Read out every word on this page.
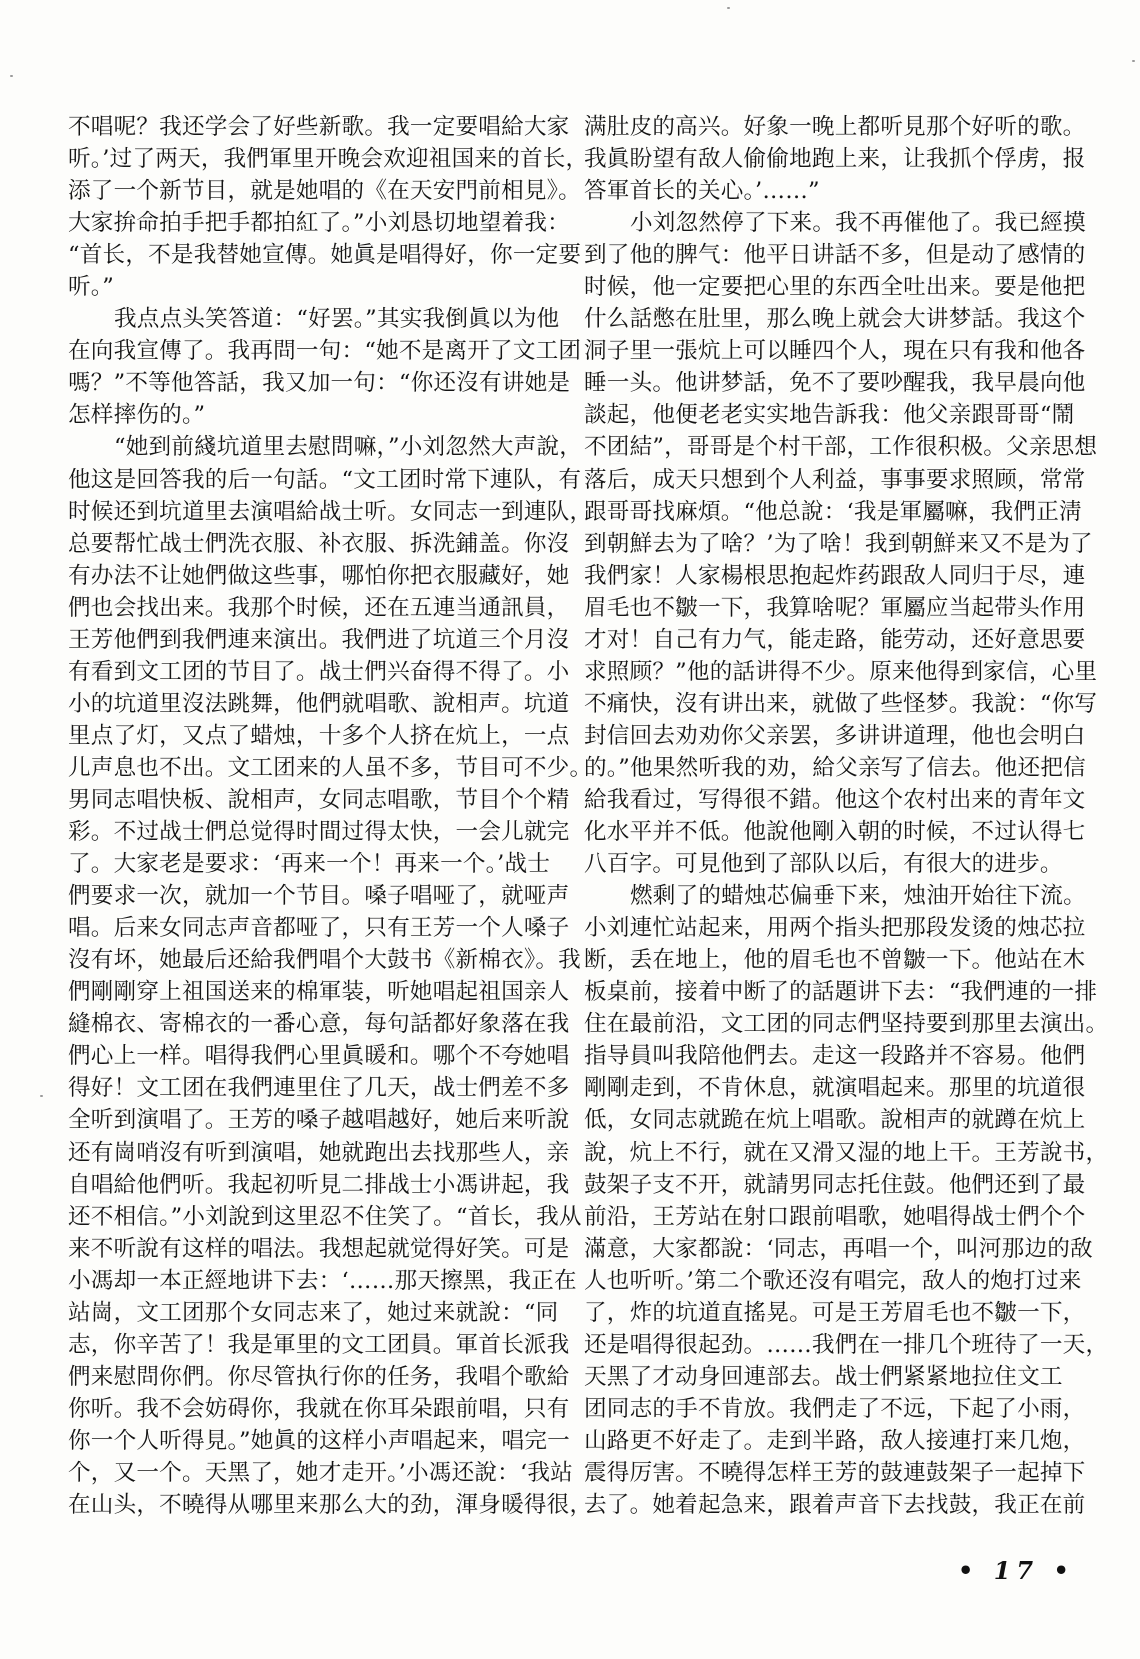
不唱呢？我还学会了好些新歌。我一定要唱給大家
听。’过了两天，我們軍里开晚会欢迎祖国来的首长，
添了一个新节目，就是她唱的《在天安門前相見》。
大家拚命拍手把手都拍紅了。”小刘恳切地望着我：
“首长，不是我替她宣傳。她眞是唱得好，你一定要
听。”
我点点头笑答道：“好罢。”其实我倒眞以为他
在向我宣傳了。我再問一句：“她不是离开了文工团
嗎？”不等他答話，我又加一句：“你还沒有讲她是
怎样摔伤的。”
“她到前綫坑道里去慰問嘛，”小刘忽然大声說，
他这是回答我的后一句話。“文工团时常下連队，有
时候还到坑道里去演唱給战士听。女同志一到連队，
总要帮忙战士們洗衣服、补衣服、拆洗鋪盖。你沒
有办法不让她們做这些事，哪怕你把衣服藏好，她
們也会找出来。我那个时候，还在五連当通訊員，
王芳他們到我們連来演出。我們进了坑道三个月沒
有看到文工团的节目了。战士們兴奋得不得了。小
小的坑道里沒法跳舞，他們就唱歌、說相声。坑道
里点了灯，又点了蜡烛，十多个人挤在炕上，一点
儿声息也不出。文工团来的人虽不多，节目可不少。
男同志唱快板、說相声，女同志唱歌，节目个个精
彩。不过战士們总觉得时間过得太快，一会儿就完
了。大家老是要求：‘再来一个！再来一个。’战士
們要求一次，就加一个节目。嗓子唱哑了，就哑声
唱。后来女同志声音都哑了，只有王芳一个人嗓子
沒有坏，她最后还給我們唱个大鼓书《新棉衣》。我
們剛剛穿上祖国送来的棉軍装，听她唱起祖国亲人
縫棉衣、寄棉衣的一番心意，每句話都好象落在我
們心上一样。唱得我們心里眞暖和。哪个不夸她唱
得好！文工团在我們連里住了几天，战士們差不多
全听到演唱了。王芳的嗓子越唱越好，她后来听說
还有崗哨沒有听到演唱，她就跑出去找那些人，亲
自唱給他們听。我起初听見二排战士小馮讲起，我
还不相信。”小刘說到这里忍不住笑了。“首长，我从
来不听說有这样的唱法。我想起就觉得好笑。可是
小馮却一本正經地讲下去：‘……那天擦黑，我正在
站崗，文工团那个女同志来了，她过来就說：“同
志，你辛苦了！我是軍里的文工团員。軍首长派我
們来慰問你們。你尽管执行你的任务，我唱个歌給
你听。我不会妨碍你，我就在你耳朵跟前唱，只有
你一个人听得見。”她眞的这样小声唱起来，唱完一
个，又一个。天黑了，她才走开。’小馮还說：‘我站
在山头，不曉得从哪里来那么大的劲，渾身暖得很，
满肚皮的高兴。好象一晚上都听見那个好听的歌。
我眞盼望有敌人偷偷地跑上来，让我抓个俘虏，报
答軍首长的关心。’……”
小刘忽然停了下来。我不再催他了。我已經摸
到了他的脾气：他平日讲話不多，但是动了感情的
时候，他一定要把心里的东西全吐出来。要是他把
什么話憋在肚里，那么晚上就会大讲梦話。我这个
洞子里一張炕上可以睡四个人，現在只有我和他各
睡一头。他讲梦話，免不了要吵醒我，我早晨向他
談起，他便老老实实地告訴我：他父亲跟哥哥“鬧
不团結”，哥哥是个村干部，工作很积极。父亲思想
落后，成天只想到个人利益，事事要求照顾，常常
跟哥哥找麻煩。“他总說：‘我是軍屬嘛，我們正淸
到朝鮮去为了啥？’为了啥！我到朝鮮来又不是为了
我們家！人家楊根思抱起炸药跟敌人同归于尽，連
眉毛也不皺一下，我算啥呢？軍屬应当起带头作用
才对！自己有力气，能走路，能劳动，还好意思要
求照顾？”他的話讲得不少。原来他得到家信，心里
不痛快，沒有讲出来，就做了些怪梦。我說：“你写
封信回去劝劝你父亲罢，多讲讲道理，他也会明白
的。”他果然听我的劝，給父亲写了信去。他还把信
給我看过，写得很不錯。他这个农村出来的青年文
化水平并不低。他說他剛入朝的时候，不过认得七
八百字。可見他到了部队以后，有很大的进步。
燃剩了的蜡烛芯偏垂下来，烛油开始往下流。
小刘連忙站起来，用两个指头把那段发烫的烛芯拉
断，丢在地上，他的眉毛也不曾皺一下。他站在木
板桌前，接着中断了的話題讲下去：“我們連的一排
住在最前沿，文工团的同志們坚持要到那里去演出。
指导員叫我陪他們去。走这一段路并不容易。他們
剛剛走到，不肯休息，就演唱起来。那里的坑道很
低，女同志就跪在炕上唱歌。說相声的就蹲在炕上
說，炕上不行，就在又滑又湿的地上干。王芳說书，
鼓架子支不开，就請男同志托住鼓。他們还到了最
前沿，王芳站在射口跟前唱歌，她唱得战士們个个
滿意，大家都說：‘同志，再唱一个，叫河那边的敌
人也听听。’第二个歌还沒有唱完，敌人的炮打过来
了，炸的坑道直搖晃。可是王芳眉毛也不皺一下，
还是唱得很起劲。……我們在一排几个班待了一天，
天黑了才动身回連部去。战士們紧紧地拉住文工
团同志的手不肯放。我們走了不远，下起了小雨，
山路更不好走了。走到半路，敌人接連打来几炮，
震得厉害。不曉得怎样王芳的鼓連鼓架子一起掉下
去了。她着起急来，跟着声音下去找鼓，我正在前
• 17 •
